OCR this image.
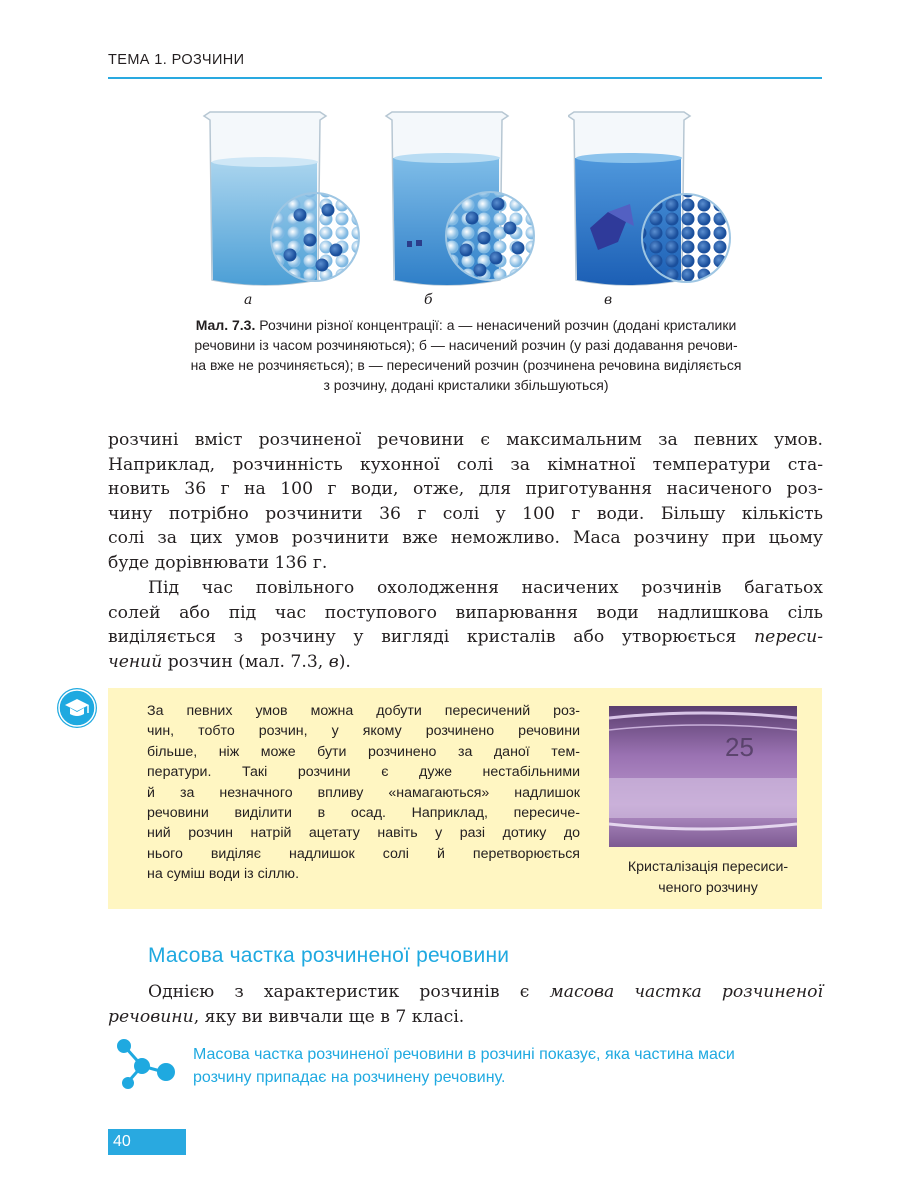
ТЕМА 1. РОЗЧИНИ
а	б	в
Мал. 7.3. Розчини різної концентрації: а — ненасичений розчин (додані кристалики
речовини із часом розчиняються); б — насичений розчин (у разі додавання речови-
на вже не розчиняється); в — пересичений розчин (розчинена речовина виділяється
з розчину, додані кристалики збільшуються)
розчині вміст розчиненої речовини є максимальним за певних умов.
Наприклад, розчинність кухонної солі за кімнатної температури ста-
новить 36 г на 100 г води, отже, для приготування насиченого роз-
чину потрібно розчинити 36 г солі у 100 г води. Більшу кількість
солі за цих умов розчинити вже неможливо. Маса розчину при цьому
буде дорівнювати 136 г.
Під час повільного охолодження насичених розчинів багатьох
солей або під час поступового випарювання води надлишкова сіль
виділяється з розчину у вигляді кристалів або утворюється переси-
чений розчин (мал. 7.3, в).
За певних умов можна добути пересичений роз-
чин, тобто розчин, у якому розчинено речовини
більше, ніж може бути розчинено за даної тем-
ператури. Такі розчини є дуже нестабільними
й за незначного впливу «намагаються» надлишок
речовини виділити в осад. Наприклад, пересиче-
ний розчин натрій ацетату навіть у разі дотику до
нього виділяє надлишок солі й перетворюється
на суміш води із сіллю.
25
Кристалізація пересиси-
ченого розчину
Масова частка розчиненої речовини
Однією з характеристик розчинів є масова частка розчиненої
речовини, яку ви вивчали ще в 7 класі.
Масова частка розчиненої речовини в розчині показує, яка частина маси
розчину припадає на розчинену речовину.
40
